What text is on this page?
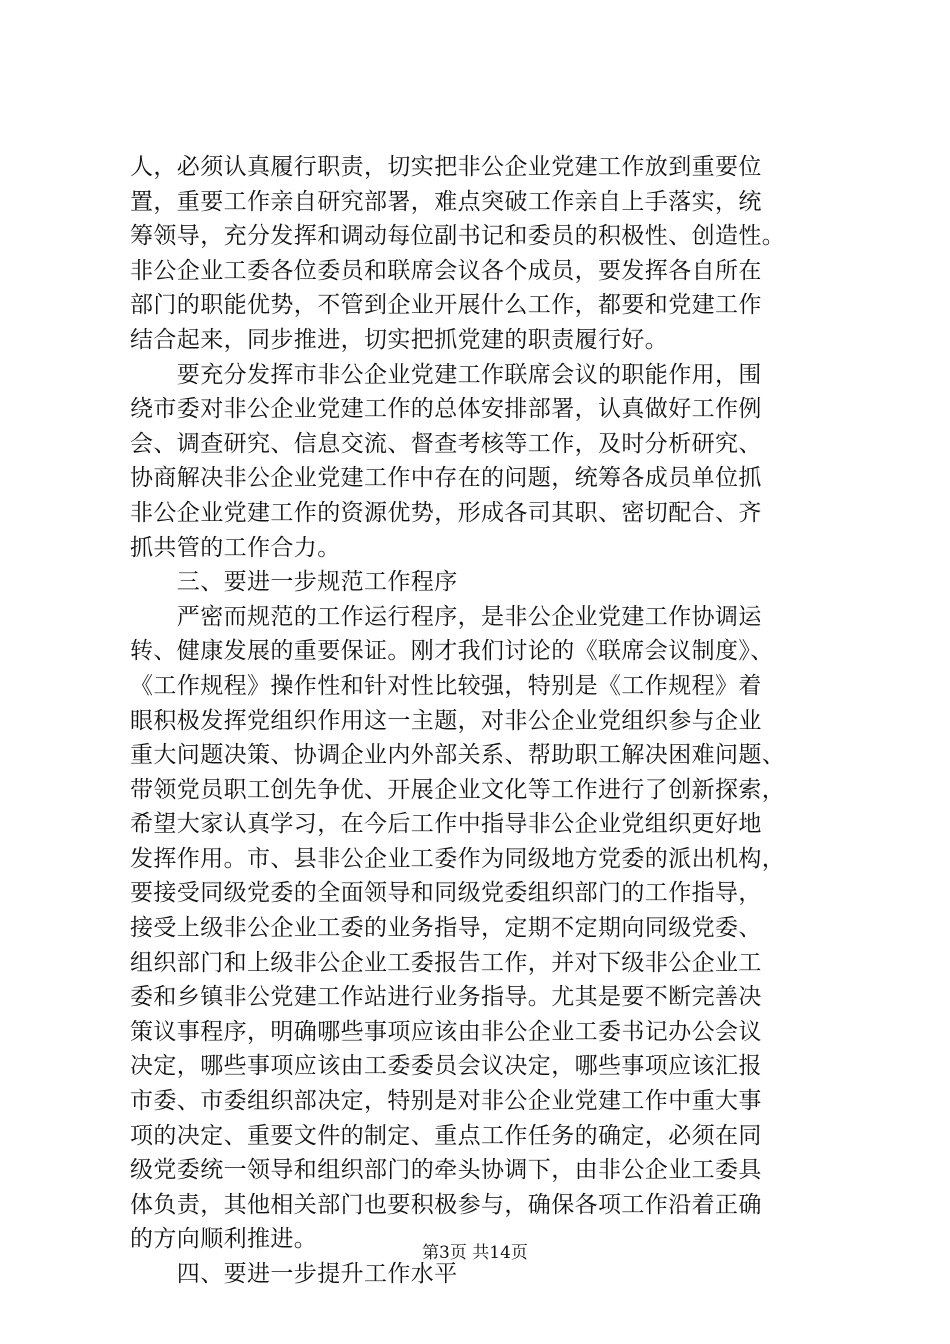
人，必须认真履行职责，切实把非公企业党建工作放到重要位
置，重要工作亲自研究部署，难点突破工作亲自上手落实，统
筹领导，充分发挥和调动每位副书记和委员的积极性、创造性。
非公企业工委各位委员和联席会议各个成员，要发挥各自所在
部门的职能优势，不管到企业开展什么工作，都要和党建工作
结合起来，同步推进，切实把抓党建的职责履行好。
　　要充分发挥市非公企业党建工作联席会议的职能作用，围
绕市委对非公企业党建工作的总体安排部署，认真做好工作例
会、调查研究、信息交流、督查考核等工作，及时分析研究、
协商解决非公企业党建工作中存在的问题，统筹各成员单位抓
非公企业党建工作的资源优势，形成各司其职、密切配合、齐
抓共管的工作合力。
　　三、要进一步规范工作程序
　　严密而规范的工作运行程序，是非公企业党建工作协调运
转、健康发展的重要保证。刚才我们讨论的《联席会议制度》、
《工作规程》操作性和针对性比较强，特别是《工作规程》着
眼积极发挥党组织作用这一主题，对非公企业党组织参与企业
重大问题决策、协调企业内外部关系、帮助职工解决困难问题、
带领党员职工创先争优、开展企业文化等工作进行了创新探索，
希望大家认真学习，在今后工作中指导非公企业党组织更好地
发挥作用。市、县非公企业工委作为同级地方党委的派出机构，
要接受同级党委的全面领导和同级党委组织部门的工作指导，
接受上级非公企业工委的业务指导，定期不定期向同级党委、
组织部门和上级非公企业工委报告工作，并对下级非公企业工
委和乡镇非公党建工作站进行业务指导。尤其是要不断完善决
策议事程序，明确哪些事项应该由非公企业工委书记办公会议
决定，哪些事项应该由工委委员会议决定，哪些事项应该汇报
市委、市委组织部决定，特别是对非公企业党建工作中重大事
项的决定、重要文件的制定、重点工作任务的确定，必须在同
级党委统一领导和组织部门的牵头协调下，由非公企业工委具
体负责，其他相关部门也要积极参与，确保各项工作沿着正确
的方向顺利推进。
　　四、要进一步提升工作水平
第3页 共14页
